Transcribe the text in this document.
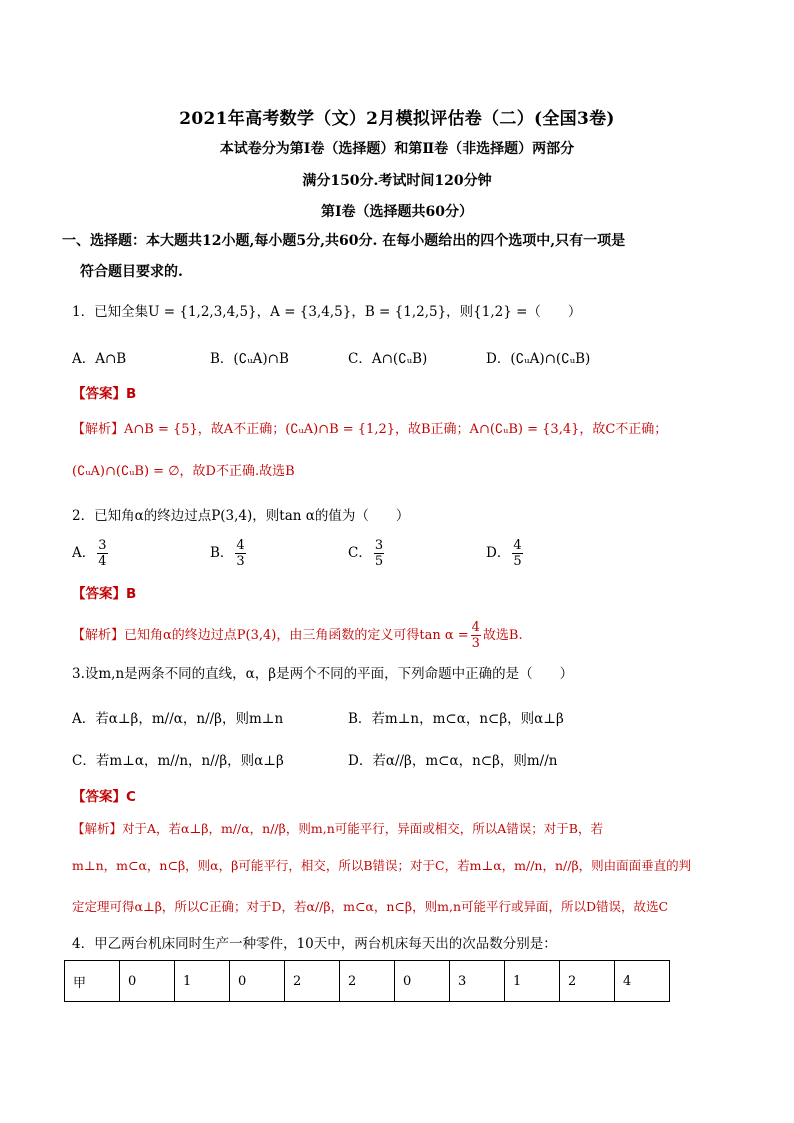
2021年高考数学（文）2月模拟评估卷（二）(全国3卷)
本试卷分为第Ⅰ卷（选择题）和第Ⅱ卷（非选择题）两部分
满分150分.考试时间120分钟
第Ⅰ卷（选择题共60分）
一、选择题：本大题共12小题,每小题5分,共60分. 在每小题给出的四个选项中,只有一项是
符合题目要求的.
1．已知全集U = {1,2,3,4,5}，A = {3,4,5}，B = {1,2,5}，则{1,2} =（　　）
A．A∩B	B．(∁ᵤA)∩B	C．A∩(∁ᵤB)	D．(∁ᵤA)∩(∁ᵤB)
【答案】B
【解析】A∩B = {5}，故A不正确；(∁ᵤA)∩B = {1,2}，故B正确；A∩(∁ᵤB) = {3,4}，故C不正确；
(∁ᵤA)∩(∁ᵤB) = ∅，故D不正确.故选B
2．已知角α的终边过点P(3,4)，则tan α的值为（　　）
A． $\frac{3}{4}$	B． $\frac{4}{3}$	C． $\frac{3}{5}$	D． $\frac{4}{5}$
【答案】B
【解析】已知角α的终边过点P(3,4)，由三角函数的定义可得$\tan \alpha = \frac{4}{3}$ 故选B.
3.设m,n是两条不同的直线，α，β是两个不同的平面，下列命题中正确的是（　　）
A．若α⊥β，m//α，n//β，则m⊥n	B．若m⊥n，m⊂α，n⊂β，则α⊥β
C．若m⊥α，m//n，n//β，则α⊥β	D．若α//β，m⊂α，n⊂β，则m//n
【答案】C
【解析】对于A，若α⊥β，m//α，n//β，则m,n可能平行，异面或相交，所以A错误；对于B，若
m⊥n，m⊂α，n⊂β，则α，β可能平行，相交，所以B错误；对于C，若m⊥α，m//n，n//β，则由面面垂直的判
定定理可得α⊥β，所以C正确；对于D，若α//β，m⊂α，n⊂β，则m,n可能平行或异面，所以D错误，故选C
4．甲乙两台机床同时生产一种零件，10天中，两台机床每天出的次品数分别是：
甲	0	1	0	2	2	0	3	1	2	4
